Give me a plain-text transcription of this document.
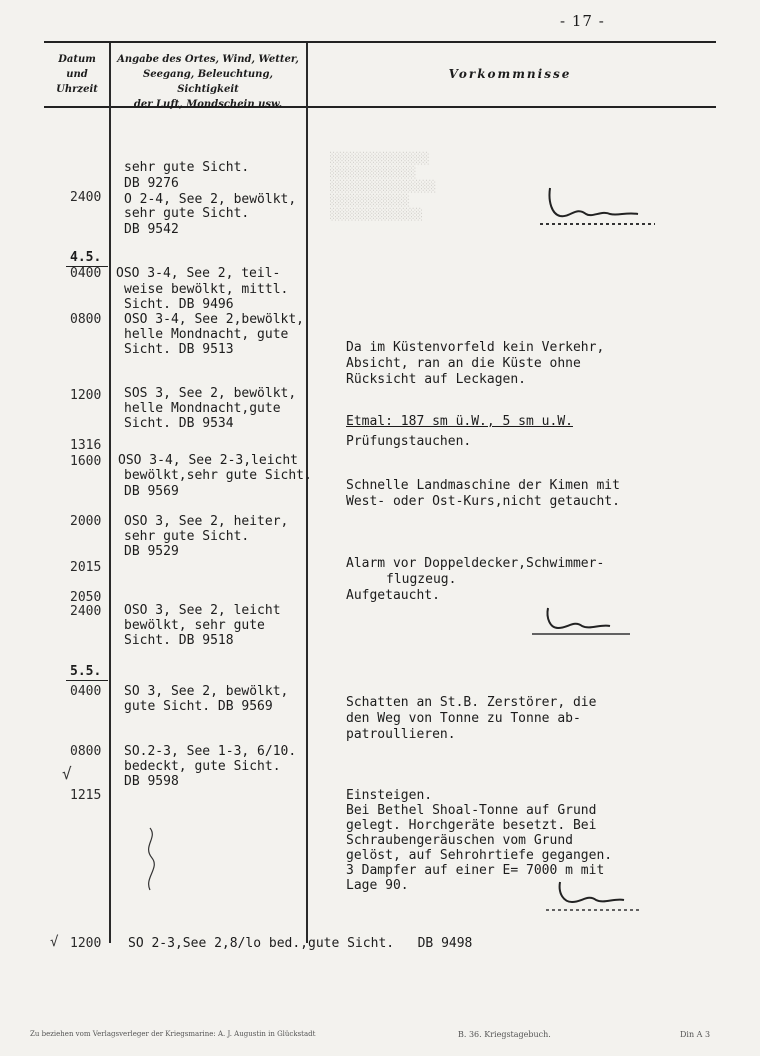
- 17 -
Datum
und
Uhrzeit
Angabe des Ortes, Wind, Wetter,
Seegang, Beleuchtung, Sichtigkeit
der Luft, Mondschein usw.
Vorkommnisse
░░░░░░░░░░░░░░░
░░░░░░░░░░░░░
░░░░░░░░░░░░░░░░
░░░░░░░░░░░░
░░░░░░░░░░░░░░
4.5.
5.5.
2400
0400
0800
1200
1316
1600
2000
2015
2050
2400
0400
0800
1215
1200
√
√
sehr gute Sicht.
DB 9276
O 2-4, See 2, bewölkt,
sehr gute Sicht.
DB 9542
OSO 3-4, See 2, teil-
weise bewölkt, mittl.
Sicht. DB 9496
OSO 3-4, See 2,bewölkt,
helle Mondnacht, gute
Sicht. DB 9513
SOS 3, See 2, bewölkt,
helle Mondnacht,gute
Sicht. DB 9534
OSO 3-4, See 2-3,leicht
bewölkt,sehr gute Sicht.
DB 9569
OSO 3, See 2, heiter,
sehr gute Sicht.
DB 9529
OSO 3, See 2, leicht
bewölkt, sehr gute
Sicht. DB 9518
SO 3, See 2, bewölkt,
gute Sicht. DB 9569
SO.2-3, See 1-3, 6/10.
bedeckt, gute Sicht.
DB 9598
SO 2-3,See 2,8/lo bed.,gute Sicht.   DB 9498
Da im Küstenvorfeld kein Verkehr,
Absicht, ran an die Küste ohne
Rücksicht auf Leckagen.
Etmal: 187 sm ü.W., 5 sm u.W.
Prüfungstauchen.
Schnelle Landmaschine der Kimen mit
West- oder Ost-Kurs,nicht getaucht.
Alarm vor Doppeldecker,Schwimmer-
flugzeug.
Aufgetaucht.
Schatten an St.B. Zerstörer, die
den Weg von Tonne zu Tonne ab-
patroullieren.
Einsteigen.
Bei Bethel Shoal-Tonne auf Grund
gelegt. Horchgeräte besetzt. Bei
Schraubengeräuschen vom Grund
gelöst, auf Sehrohrtiefe gegangen.
3 Dampfer auf einer E= 7000 m mit
Lage 90.
Zu beziehen vom Verlagsverleger der Kriegsmarine: A. J. Augustin in Glückstadt	B. 36. Kriegstagebuch.	Din A 3
